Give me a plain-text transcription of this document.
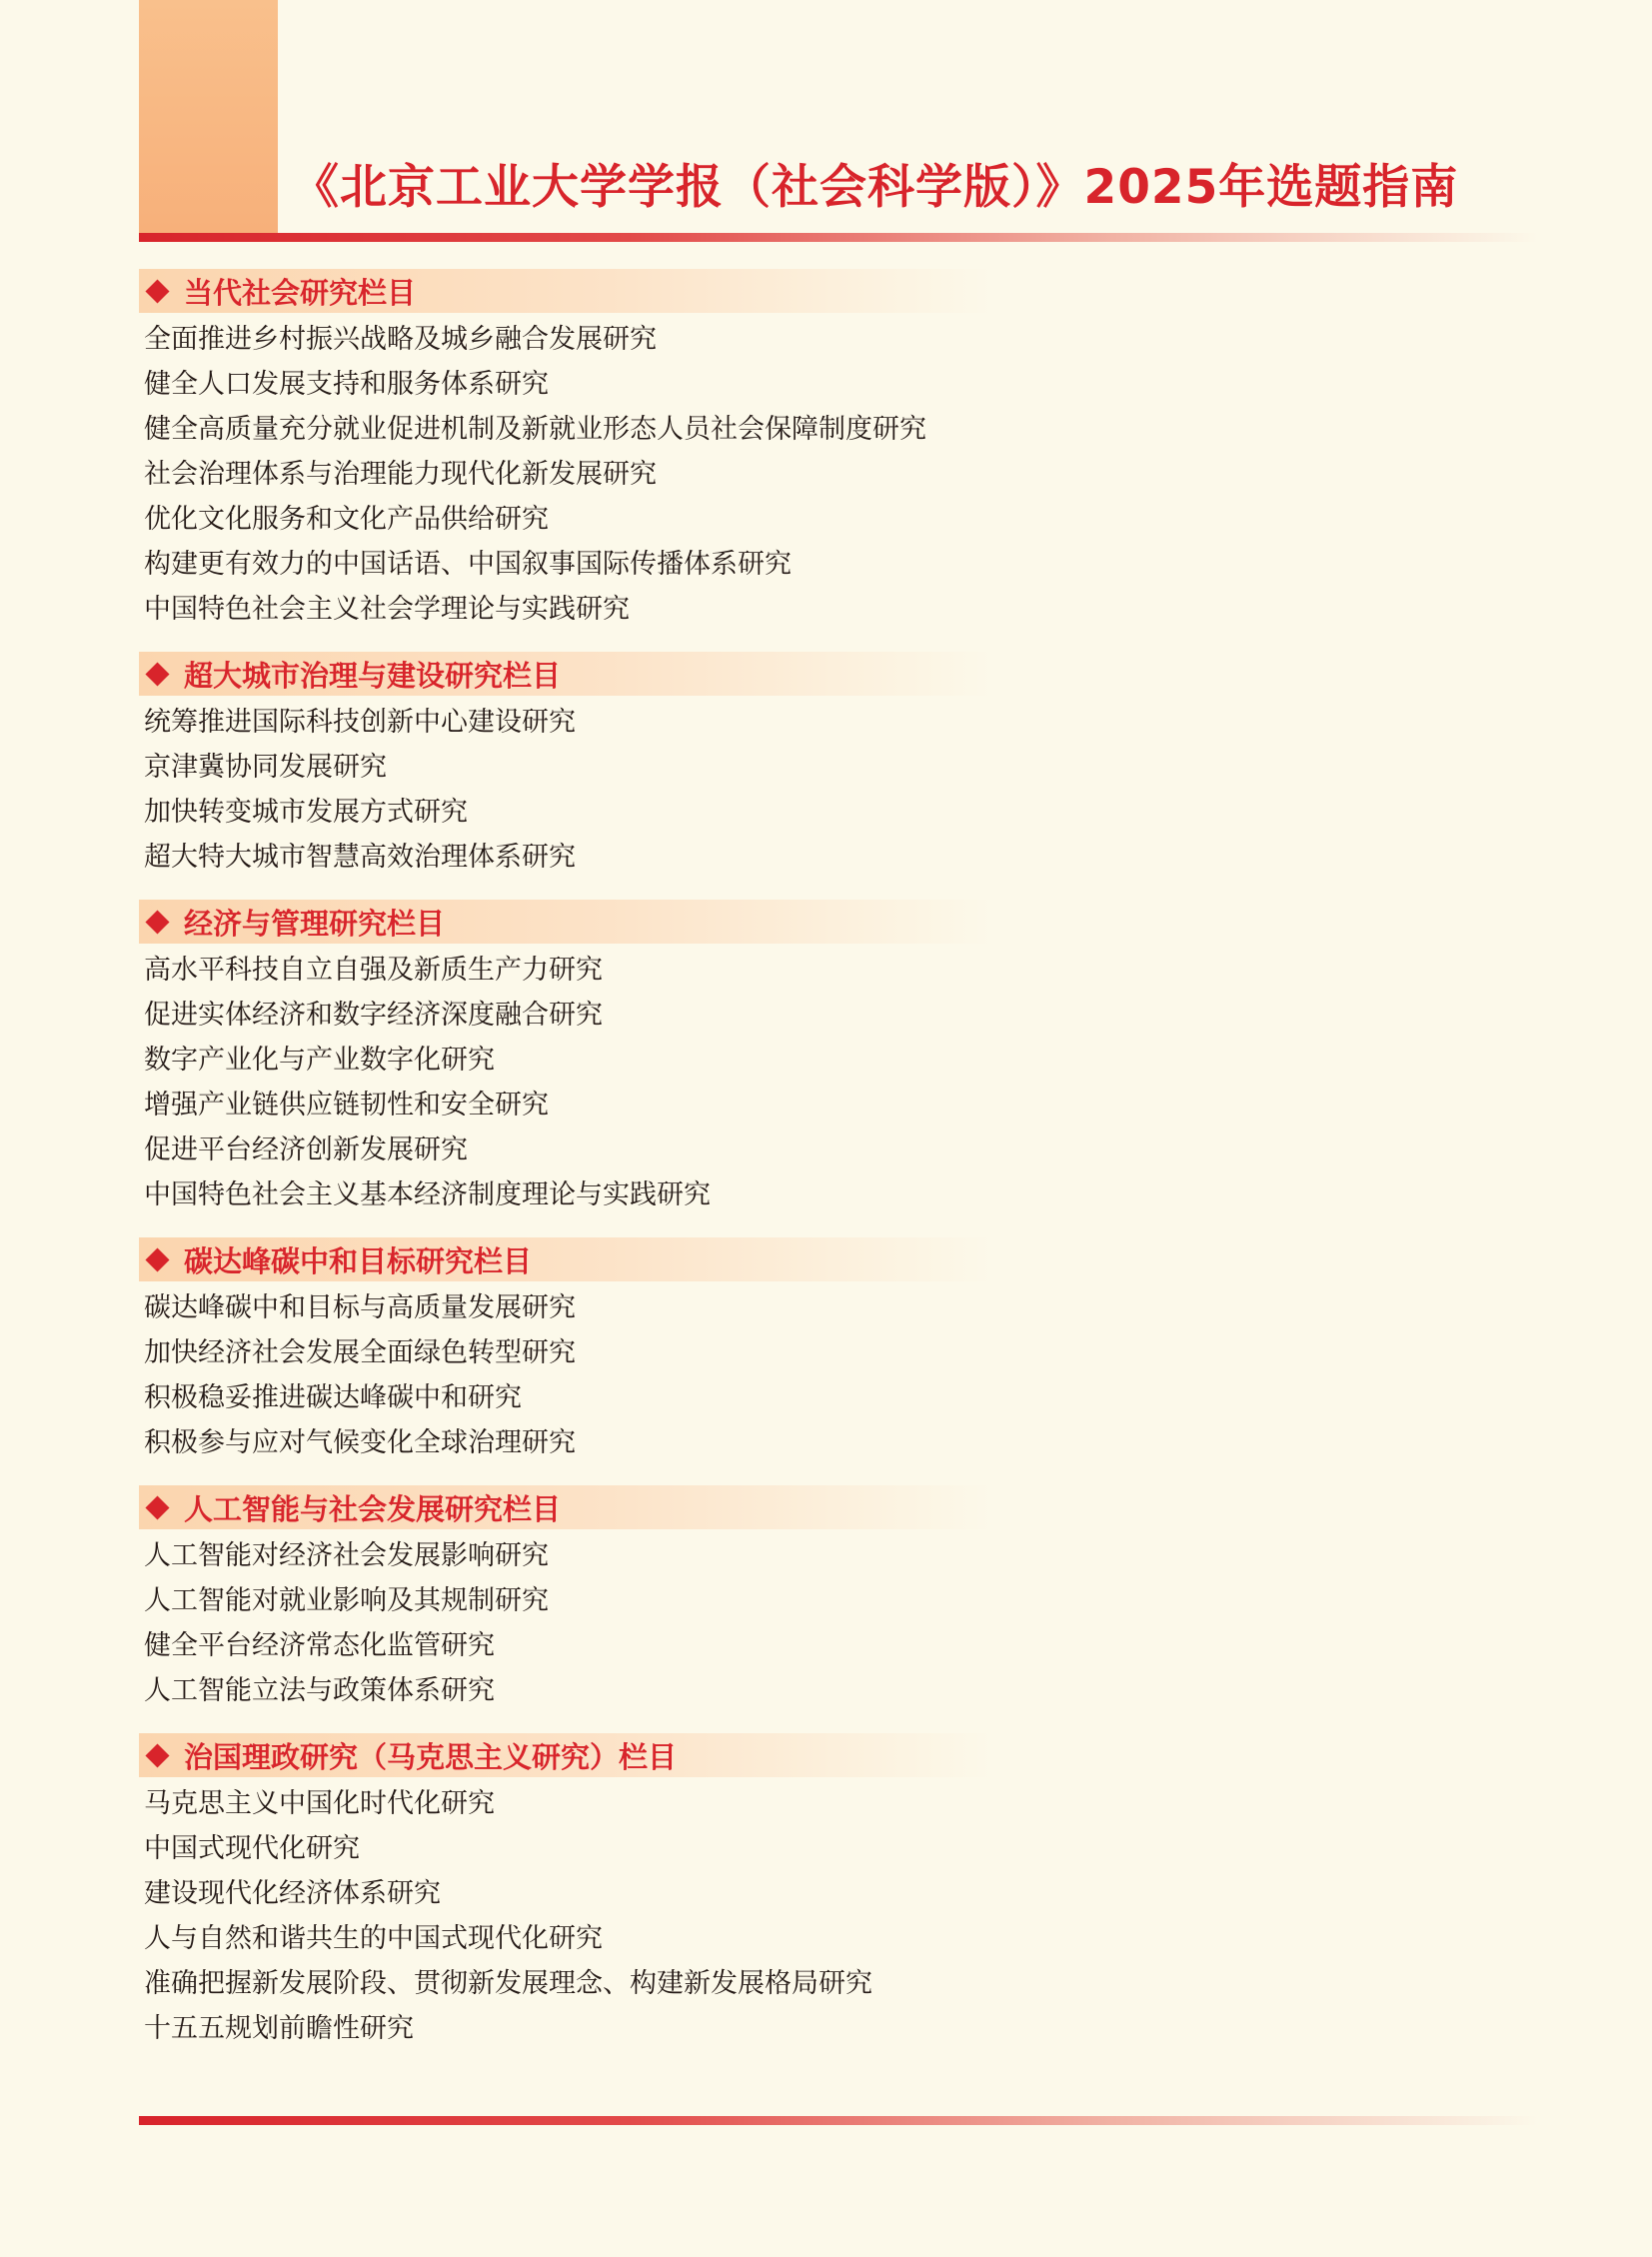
《北京工业大学学报（社会科学版）》2025年选题指南
当代社会研究栏目
全面推进乡村振兴战略及城乡融合发展研究
健全人口发展支持和服务体系研究
健全高质量充分就业促进机制及新就业形态人员社会保障制度研究
社会治理体系与治理能力现代化新发展研究
优化文化服务和文化产品供给研究
构建更有效力的中国话语、中国叙事国际传播体系研究
中国特色社会主义社会学理论与实践研究
超大城市治理与建设研究栏目
统筹推进国际科技创新中心建设研究
京津冀协同发展研究
加快转变城市发展方式研究
超大特大城市智慧高效治理体系研究
经济与管理研究栏目
高水平科技自立自强及新质生产力研究
促进实体经济和数字经济深度融合研究
数字产业化与产业数字化研究
增强产业链供应链韧性和安全研究
促进平台经济创新发展研究
中国特色社会主义基本经济制度理论与实践研究
碳达峰碳中和目标研究栏目
碳达峰碳中和目标与高质量发展研究
加快经济社会发展全面绿色转型研究
积极稳妥推进碳达峰碳中和研究
积极参与应对气候变化全球治理研究
人工智能与社会发展研究栏目
人工智能对经济社会发展影响研究
人工智能对就业影响及其规制研究
健全平台经济常态化监管研究
人工智能立法与政策体系研究
治国理政研究（马克思主义研究）栏目
马克思主义中国化时代化研究
中国式现代化研究
建设现代化经济体系研究
人与自然和谐共生的中国式现代化研究
准确把握新发展阶段、贯彻新发展理念、构建新发展格局研究
十五五规划前瞻性研究
